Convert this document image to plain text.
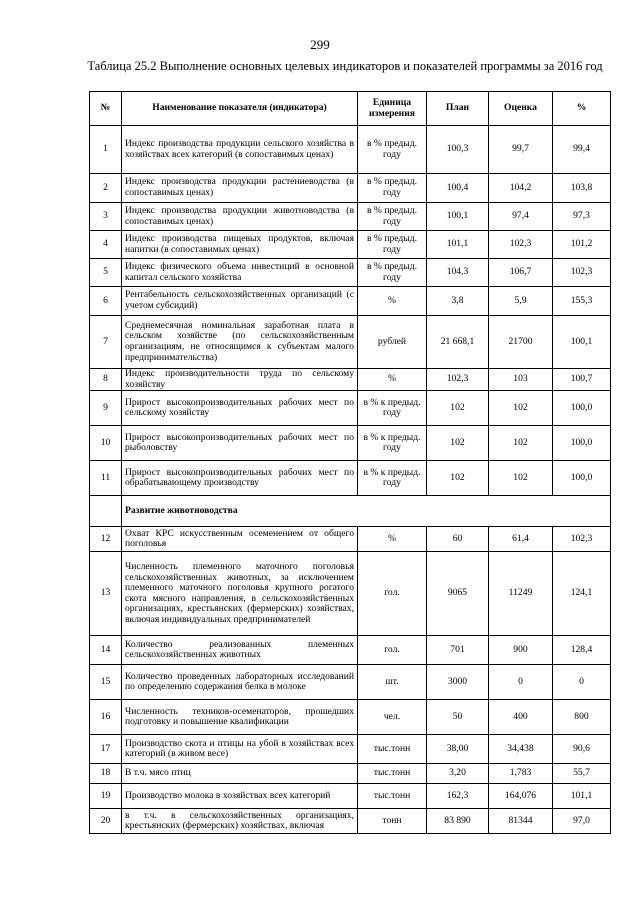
299
Таблица 25.2 Выполнение основных целевых индикаторов и показателей программы за 2016 год
№	Наименование показателя (индикатора)	Единица измерения	План	Оценка	%
1	Индекс производства продукции сельского хозяйства в хозяйствах всех категорий (в сопоставимых ценах)	в % предыд. году	100,3	99,7	99,4
2	Индекс производства продукции растениеводства (в сопоставимых ценах)	в % предыд. году	100,4	104,2	103,8
3	Индекс производства продукции животноводства (в сопоставимых ценах)	в % предыд. году	100,1	97,4	97,3
4	Индекс производства пищевых продуктов, включая напитки (в сопоставимых ценах)	в % предыд. году	101,1	102,3	101,2
5	Индекс физического объема инвестиций в основной капитал сельского хозяйства	в % предыд. году	104,3	106,7	102,3
6	Рентабельность сельскохозяйственных организаций (с учетом субсидий)	%	3,8	5,9	155,3
7	Среднемесячная номинальная заработная плата в сельском хозяйстве (по сельскохозяйственным организациям, не относящимся к субъектам малого предпринимательства)	рублей	21 668,1	21700	100,1
8	Индекс производительности труда по сельскому хозяйству	%	102,3	103	100,7
9	Прирост высокопроизводительных рабочих мест по сельскому хозяйству	в % к предыд. году	102	102	100,0
10	Прирост высокопроизводительных рабочих мест по рыболовству	в % к предыд. году	102	102	100,0
11	Прирост высокопроизводительных рабочих мест по обрабатывающему производству	в % к предыд. году	102	102	100,0
	Развитие животноводства				
12	Охват КРС искусственным осеменением от общего поголовья	%	60	61,4	102,3
13	Численность племенного маточного поголовья сельскохозяйственных животных, за исключением племенного маточного поголовья крупного рогатого скота мясного направления, в сельскохозяйственных организациях, крестьянских (фермерских) хозяйствах, включая индивидуальных предпринимателей	гол.	9065	11249	124,1
14	Количество реализованных племенных сельскохозяйственных животных	гол.	701	900	128,4
15	Количество проведенных лабораторных исследований по определению содержания белка в молоке	шт.	3000	0	0
16	Численность техников-осеменаторов, прошедших подготовку и повышение квалификации	чел.	50	400	800
17	Производство скота и птицы на убой в хозяйствах всех категорий (в живом весе)	тыс.тонн	38,00	34,438	90,6
18	В т.ч. мясо птиц	тыс.тонн	3,20	1,783	55,7
19	Производство молока в хозяйствах всех категорий	тыс.тонн	162,3	164,076	101,1
20	в т.ч. в сельскохозяйственных организациях, крестьянских (фермерских) хозяйствах, включая	тонн	83 890	81344	97,0
